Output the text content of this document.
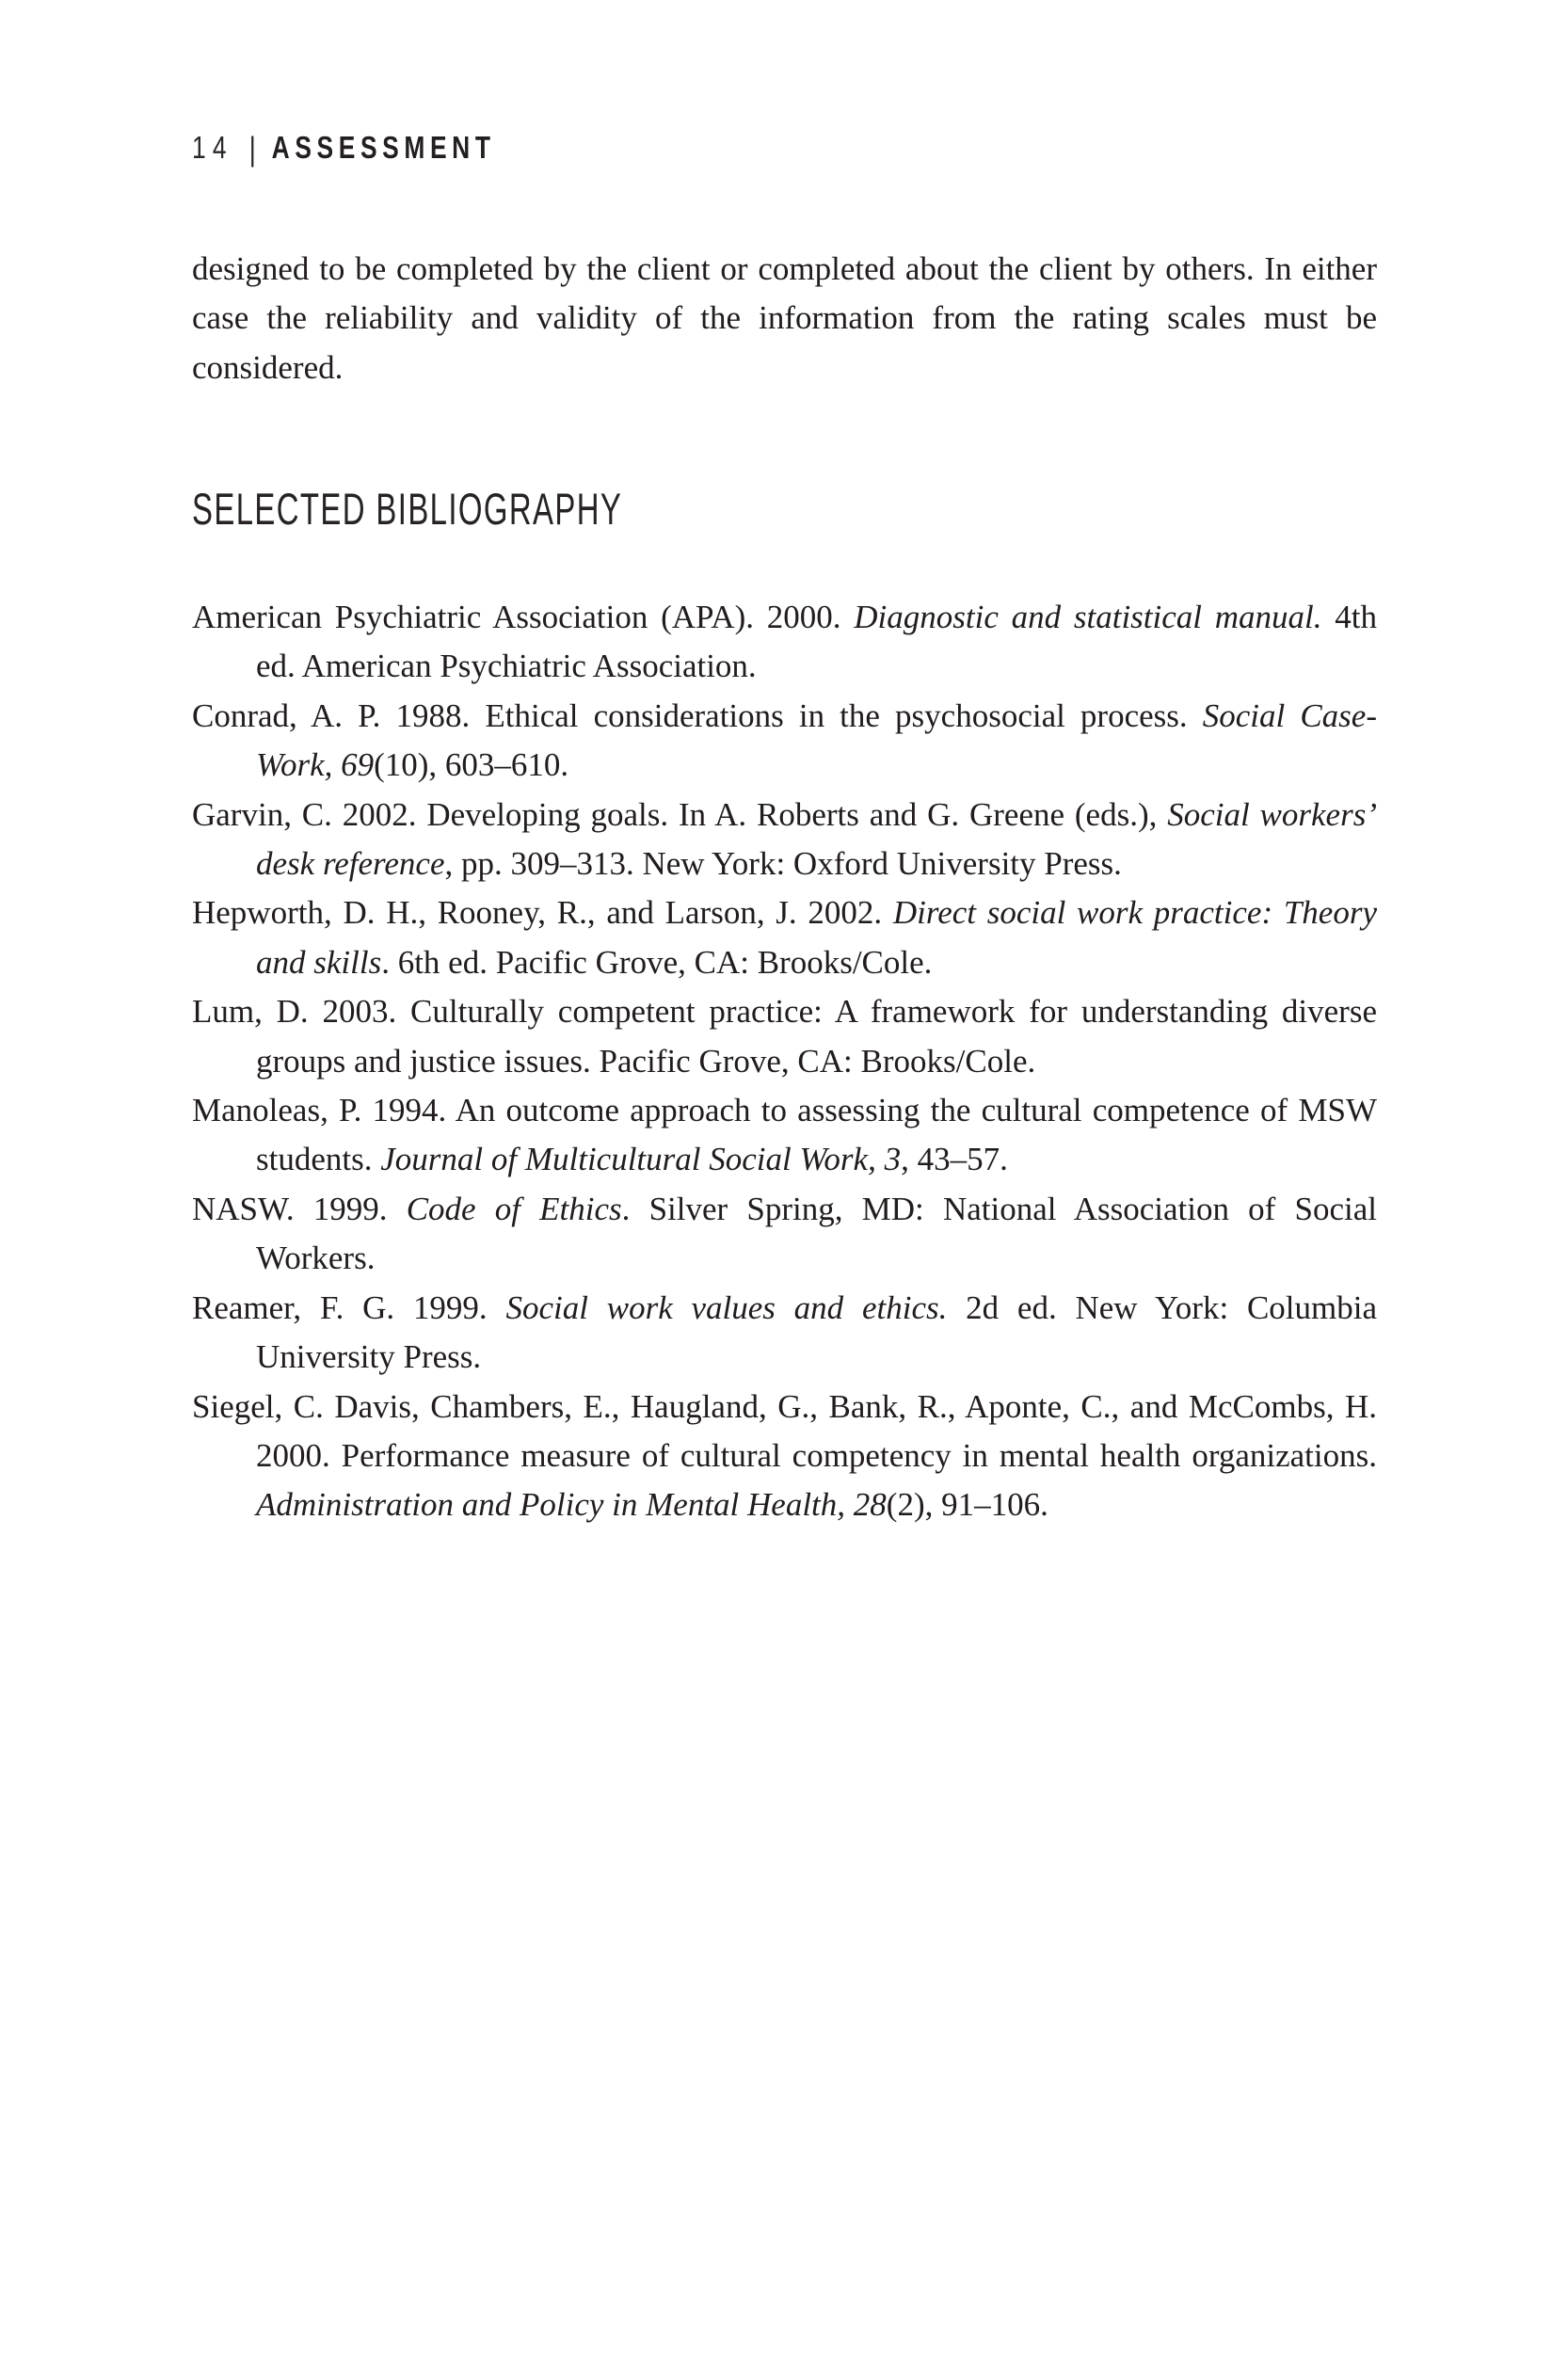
14 | ASSESSMENT

designed to be completed by the client or completed about the client by others. In either case the reliability and validity of the information from the rating scales must be considered.

SELECTED BIBLIOGRAPHY

American Psychiatric Association (APA). 2000. Diagnostic and statistical manual. 4th ed. American Psychiatric Association.

Conrad, A. P. 1988. Ethical considerations in the psychosocial process. Social Case-Work, 69(10), 603–610.

Garvin, C. 2002. Developing goals. In A. Roberts and G. Greene (eds.), Social workers’ desk reference, pp. 309–313. New York: Oxford University Press.

Hepworth, D. H., Rooney, R., and Larson, J. 2002. Direct social work practice: Theory and skills. 6th ed. Pacific Grove, CA: Brooks/Cole.

Lum, D. 2003. Culturally competent practice: A framework for understanding diverse groups and justice issues. Pacific Grove, CA: Brooks/Cole.

Manoleas, P. 1994. An outcome approach to assessing the cultural competence of MSW students. Journal of Multicultural Social Work, 3, 43–57.

NASW. 1999. Code of Ethics. Silver Spring, MD: National Association of Social Workers.

Reamer, F. G. 1999. Social work values and ethics. 2d ed. New York: Columbia University Press.

Siegel, C. Davis, Chambers, E., Haugland, G., Bank, R., Aponte, C., and McCombs, H. 2000. Performance measure of cultural competency in mental health organizations. Administration and Policy in Mental Health, 28(2), 91–106.
